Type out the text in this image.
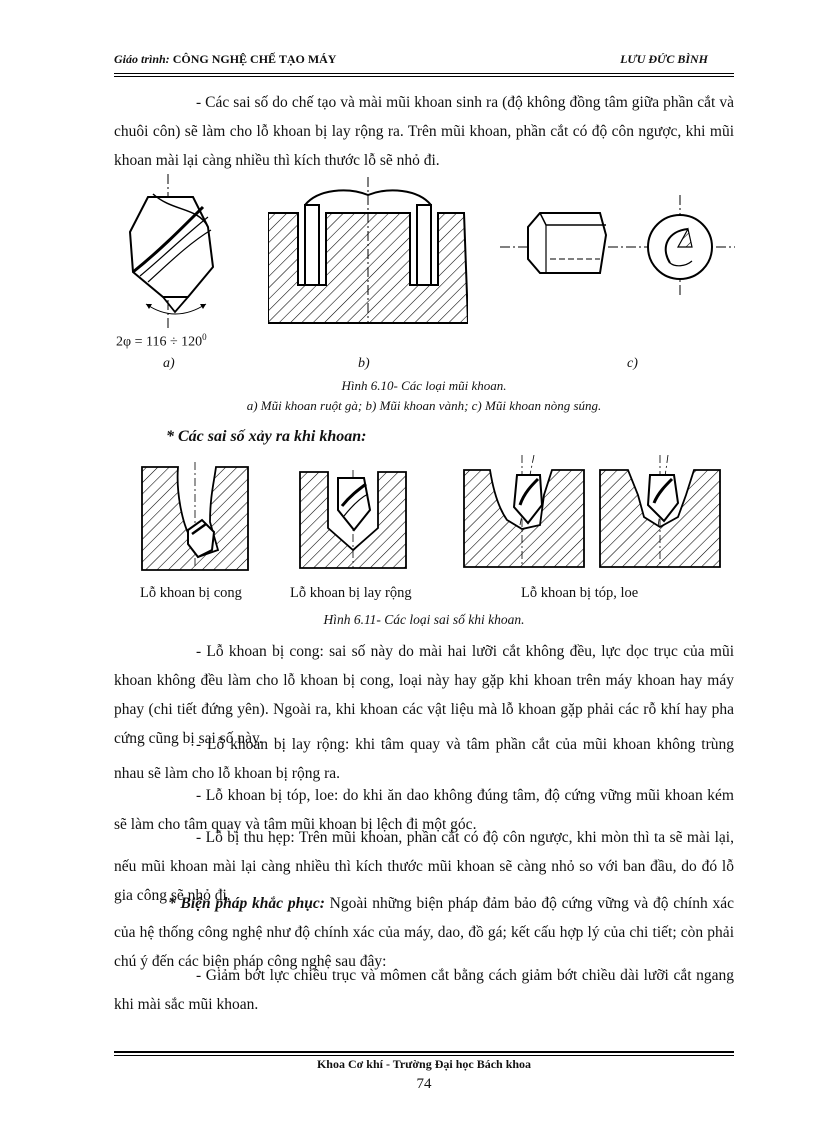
Giáo trình: CÔNG NGHỆ CHẾ TẠO MÁY	LƯU ĐỨC BÌNH

- Các sai số do chế tạo và mài mũi khoan sinh ra (độ không đồng tâm giữa phần cắt và chuôi côn) sẽ làm cho lỗ khoan bị lay rộng ra. Trên mũi khoan, phần cắt có độ côn ngược, khi mũi khoan mài lại càng nhiều thì kích thước lỗ sẽ nhỏ đi.

$2\varphi = 116 \div 120^0$
a)	b)	c)
Hình 6.10- Các loại mũi khoan.
a) Mũi khoan ruột gà; b) Mũi khoan vành; c) Mũi khoan nòng súng.
* Các sai số xảy ra khi khoan:
Lỗ khoan bị cong	Lỗ khoan bị lay rộng	Lỗ khoan bị tóp, loe
Hình 6.11- Các loại sai số khi khoan.

- Lỗ khoan bị cong: sai số này do mài hai lưỡi cắt không đều, lực dọc trục của mũi khoan không đều làm cho lỗ khoan bị cong, loại này hay gặp khi khoan trên máy khoan hay máy phay (chi tiết đứng yên). Ngoài ra, khi khoan các vật liệu mà lỗ khoan gặp phải các rỗ khí hay pha cứng cũng bị sai số này.

- Lỗ khoan bị lay rộng: khi tâm quay và tâm phần cắt của mũi khoan không trùng nhau sẽ làm cho lỗ khoan bị rộng ra.

- Lỗ khoan bị tóp, loe: do khi ăn dao không đúng tâm, độ cứng vững mũi khoan kém sẽ làm cho tâm quay và tâm mũi khoan bị lệch đi một góc.

- Lỗ bị thu hẹp: Trên mũi khoan, phần cắt có độ côn ngược, khi mòn thì ta sẽ mài lại, nếu mũi khoan mài lại càng nhiều thì kích thước mũi khoan sẽ càng nhỏ so với ban đầu, do đó lỗ gia công sẽ nhỏ đi.

* Biện pháp khắc phục: Ngoài những biện pháp đảm bảo độ cứng vững và độ chính xác của hệ thống công nghệ như độ chính xác của máy, dao, đồ gá; kết cấu hợp lý của chi tiết; còn phải chú ý đến các biện pháp công nghệ sau đây:

- Giảm bớt lực chiều trục và mômen cắt bằng cách giảm bớt chiều dài lưỡi cắt ngang khi mài sắc mũi khoan.

Khoa Cơ khí - Trường Đại học Bách khoa
74
